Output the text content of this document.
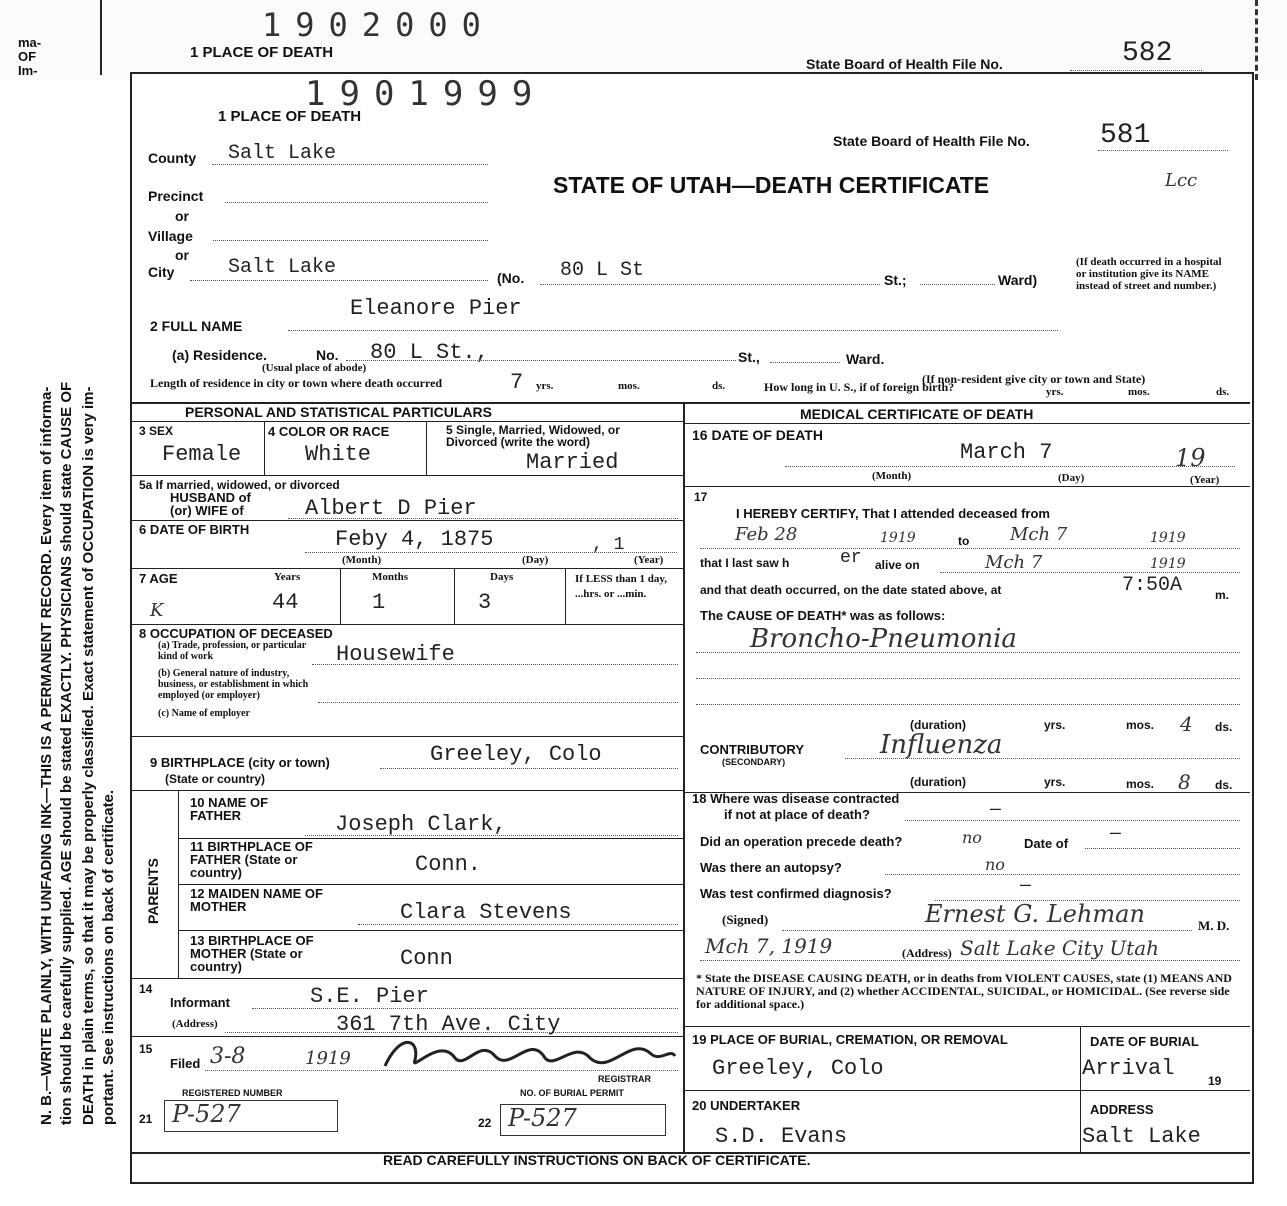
ma-
OF
Im-
1902000
1 PLACE OF DEATH
State Board of Health File No.	582
N. B.—WRITE PLAINLY, WITH UNFADING INK—THIS IS A PERMANENT RECORD. Every item of informa- tion should be carefully supplied. AGE should be stated EXACTLY. PHYSICIANS should state CAUSE OF DEATH in plain terms, so that it may be properly classified. Exact statement of OCCUPATION is very im- portant. See instructions on back of certificate.
1901999
1 PLACE OF DEATH
State Board of Health File No.	581
STATE OF UTAH—DEATH CERTIFICATE	Lcc
County Salt Lake
Precinct
or
Village
or
City	Salt Lake	(No. 80 L St	St.;	Ward)
(If death occurred in a hospital or institution give its NAME instead of street and number.)
2 FULL NAME
Eleanore Pier
(a) Residence.	No. 80 L St.,	St.,	Ward.
(Usual place of abode)
(If non-resident give city or town and State)
Length of residence in city or town where death occurred	7 yrs.	mos.	ds.	How long in U. S., if of foreign birth?	yrs.	mos.	ds.
PERSONAL AND STATISTICAL PARTICULARS
3 SEX
Female
4 COLOR OR RACE
White
5 Single, Married, Widowed, or Divorced (write the word)
Married
5a If married, widowed, or divorced
HUSBAND of
(or) WIFE of	Albert D Pier
6 DATE OF BIRTH	Feby 4, 1875	, 1
(Month)	(Day)	(Year)
7 AGE
K
Years
44
Months
1
Days
3
If LESS than 1 day, ...hrs. or ...min.
8 OCCUPATION OF DECEASED
(a) Trade, profession, or particular kind of work	Housewife
(b) General nature of industry, business, or establishment in which employed (or employer)
(c) Name of employer
9 BIRTHPLACE (city or town)
(State or country)
Greeley, Colo
PARENTS
10 NAME OF FATHER	Joseph Clark,
11 BIRTHPLACE OF FATHER (State or country)	Conn.
12 MAIDEN NAME OF MOTHER	Clara Stevens
13 BIRTHPLACE OF MOTHER (State or country)	Conn
14
Informant	S.E. Pier
(Address)	361 7th Ave. City
15
Filed 3-8	1919
REGISTRAR
REGISTERED NUMBER
21 P-527
NO. OF BURIAL PERMIT
22 P-527
MEDICAL CERTIFICATE OF DEATH
16 DATE OF DEATH
March 7	19
(Month)	(Day)	(Year)
17
I HEREBY CERTIFY, That I attended deceased from
Feb 28	1919	to Mch 7	1919
that I last saw h	er alive on	Mch 7	1919
and that death occurred, on the date stated above, at	7:50A	m.
The CAUSE OF DEATH* was as follows:
Broncho-Pneumonia
(duration)	yrs.	mos. 4 ds.
CONTRIBUTORY
(SECONDARY)
Influenza
(duration)	yrs.	mos. 8 ds.
18 Where was disease contracted
if not at place of death?	—
Did an operation precede death?	no	Date of —
Was there an autopsy?	no
Was test confirmed diagnosis?	—
(Signed)	Ernest G. Lehman	M. D.
Mch 7, 1919	(Address) Salt Lake City Utah
* State the DISEASE CAUSING DEATH, or in deaths from VIOLENT CAUSES, state (1) MEANS AND NATURE OF INJURY, and (2) whether ACCIDENTAL, SUICIDAL, or HOMICIDAL. (See reverse side for additional space.)
19 PLACE OF BURIAL, CREMATION, OR REMOVAL
Greeley, Colo
DATE OF BURIAL
Arrival	19
20 UNDERTAKER
S.D. Evans
ADDRESS
Salt Lake
READ CAREFULLY INSTRUCTIONS ON BACK OF CERTIFICATE.
